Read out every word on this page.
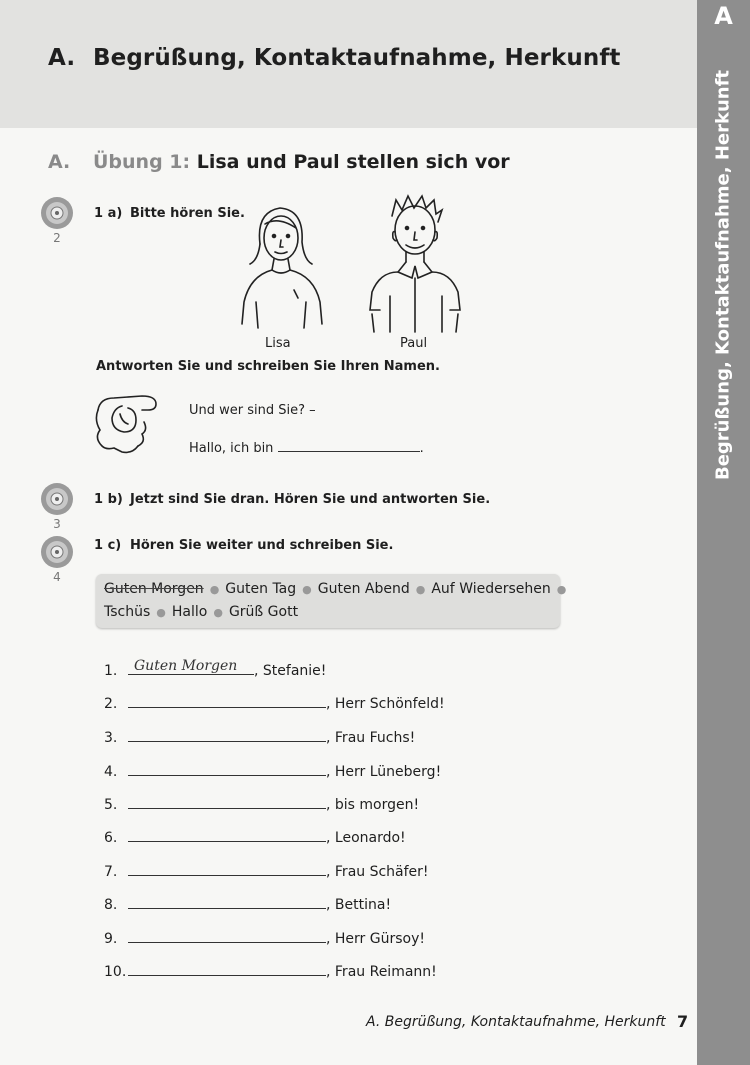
A. Begrüßung, Kontaktaufnahme, Herkunft
A
Begrüßung, Kontaktaufnahme, Herkunft
A. Übung 1: Lisa und Paul stellen sich vor
2
3
4
1 a) Bitte hören Sie.
Lisa	Paul
Antworten Sie und schreiben Sie Ihren Namen.
Und wer sind Sie? –
Hallo, ich bin	.
1 b) Jetzt sind Sie dran. Hören Sie und antworten Sie.
1 c) Hören Sie weiter und schreiben Sie.
Guten Morgen ● Guten Tag ● Guten Abend ● Auf Wiedersehen ●
Tschüs ● Hallo ● Grüß Gott
1. Guten Morgen , Stefanie!
2.	, Herr Schönfeld!
3.	, Frau Fuchs!
4.	, Herr Lüneberg!
5.	, bis morgen!
6.	, Leonardo!
7.	, Frau Schäfer!
8.	, Bettina!
9.	, Herr Gürsoy!
10.	, Frau Reimann!
A. Begrüßung, Kontaktaufnahme, Herkunft 7
